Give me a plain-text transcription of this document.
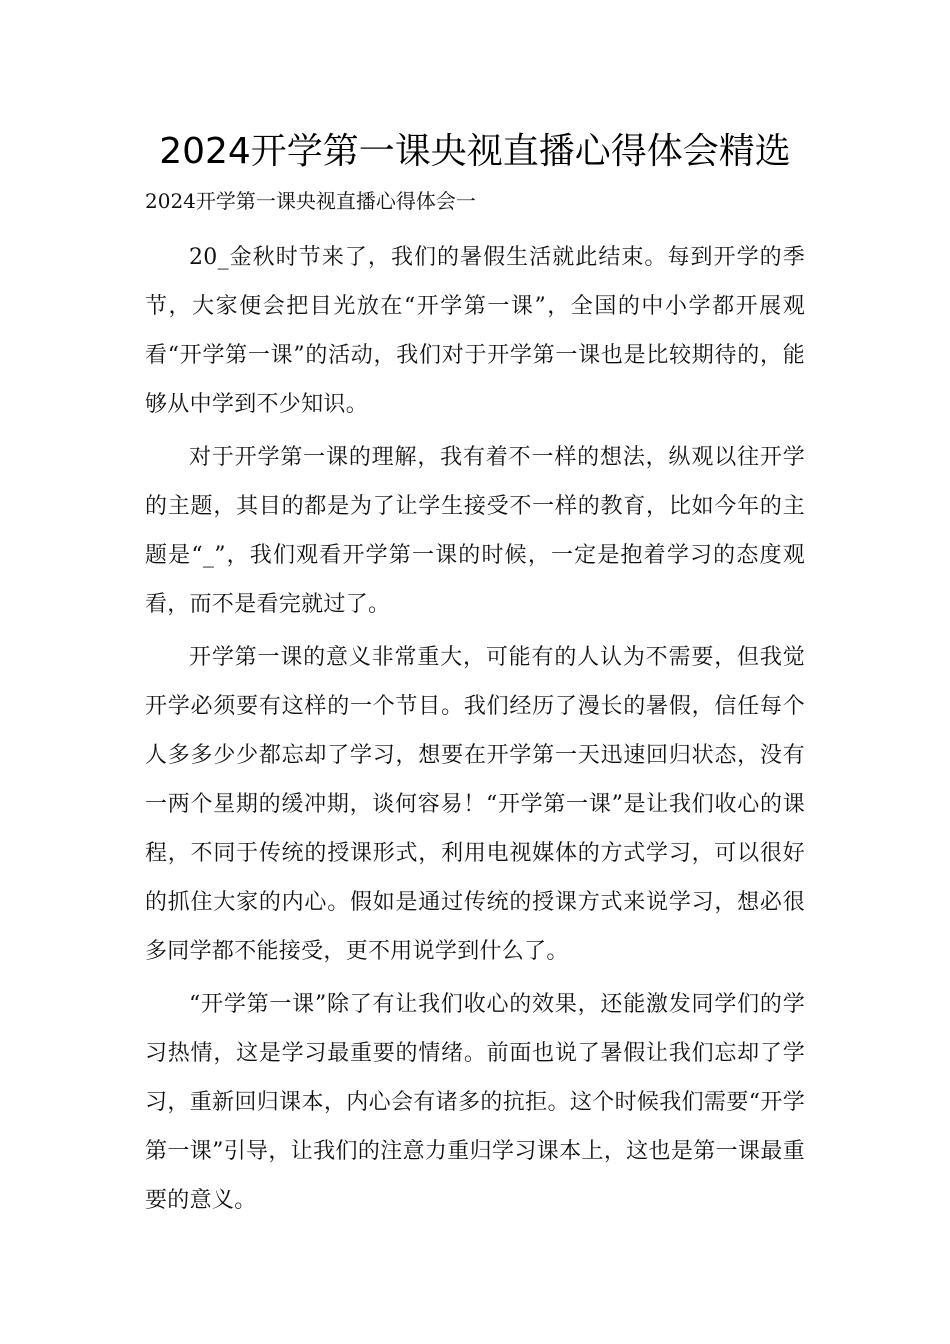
2024开学第一课央视直播心得体会精选

2024开学第一课央视直播心得体会一

20_金秋时节来了，我们的暑假生活就此结束。每到开学的季节，大家便会把目光放在“开学第一课”，全国的中小学都开展观看“开学第一课”的活动，我们对于开学第一课也是比较期待的，能够从中学到不少知识。

对于开学第一课的理解，我有着不一样的想法，纵观以往开学的主题，其目的都是为了让学生接受不一样的教育，比如今年的主题是“_”，我们观看开学第一课的时候，一定是抱着学习的态度观看，而不是看完就过了。

开学第一课的意义非常重大，可能有的人认为不需要，但我觉开学必须要有这样的一个节目。我们经历了漫长的暑假，信任每个人多多少少都忘却了学习，想要在开学第一天迅速回归状态，没有一两个星期的缓冲期，谈何容易！“开学第一课”是让我们收心的课程，不同于传统的授课形式，利用电视媒体的方式学习，可以很好的抓住大家的内心。假如是通过传统的授课方式来说学习，想必很多同学都不能接受，更不用说学到什么了。

“开学第一课”除了有让我们收心的效果，还能激发同学们的学习热情，这是学习最重要的情绪。前面也说了暑假让我们忘却了学习，重新回归课本，内心会有诸多的抗拒。这个时候我们需要“开学第一课”引导，让我们的注意力重归学习课本上，这也是第一课最重要的意义。
